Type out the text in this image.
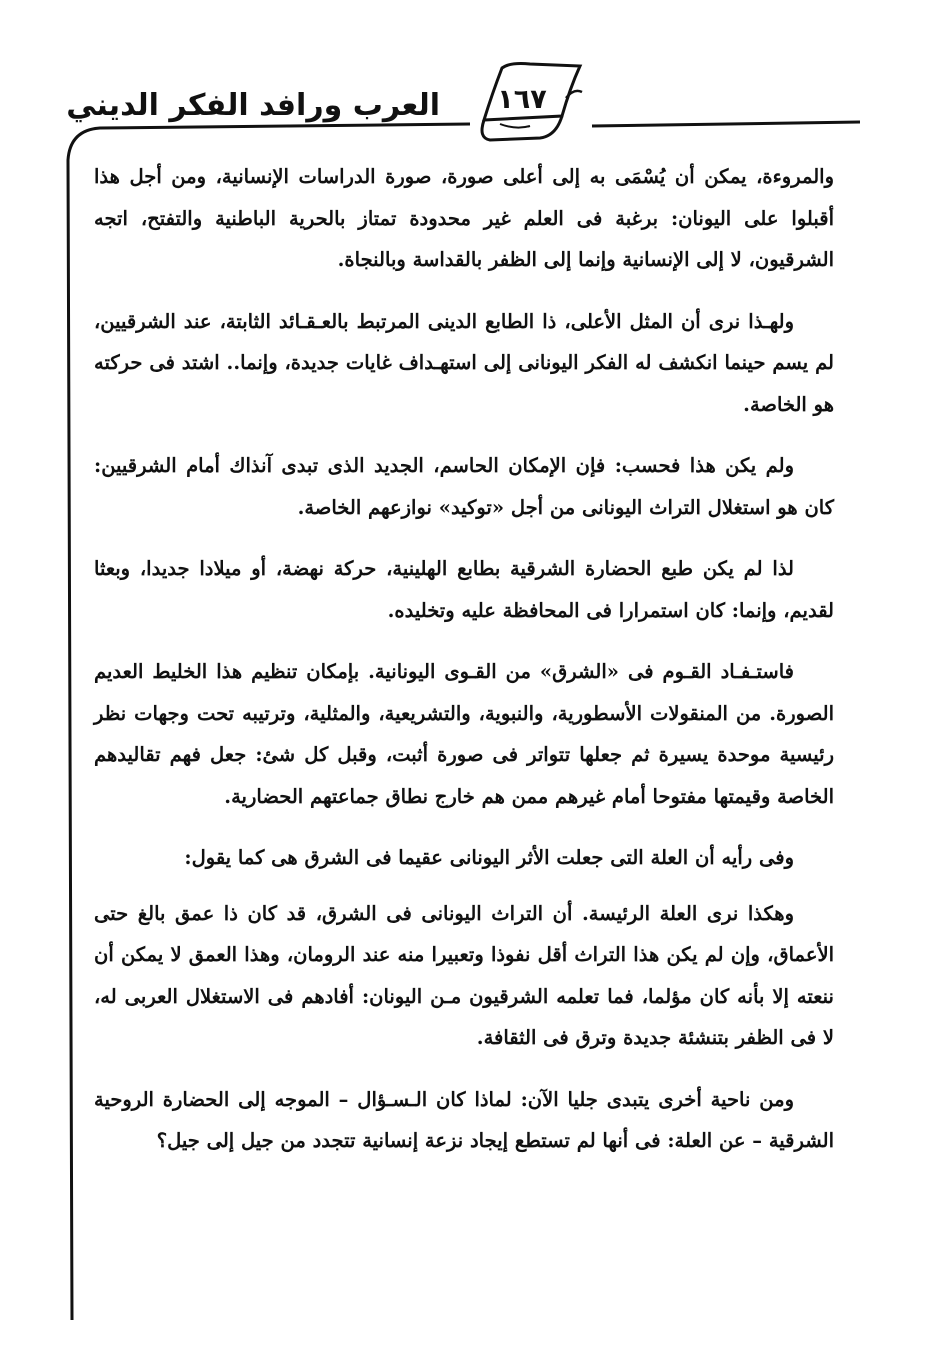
١٦٧
العرب ورافد الفكر الديني

والمروءة، يمكن أن يُسْمَى به إلى أعلى صورة، صورة الدراسات الإنسانية، ومن أجل هذا أقبلوا على اليونان: برغبة فى العلم غير محدودة تمتاز بالحرية الباطنية والتفتح، اتجه الشرقيون، لا إلى الإنسانية وإنما إلى الظفر بالقداسة وبالنجاة.

ولهـذا نرى أن المثل الأعلى، ذا الطابع الدينى المرتبط بالعـقـائد الثابتة، عند الشرقيين، لم يسم حينما انكشف له الفكر اليونانى إلى استهـداف غايات جديدة، وإنما.. اشتد فى حركته هو الخاصة.

ولم يكن هذا فحسب: فإن الإمكان الحاسم، الجديد الذى تبدى آنذاك أمام الشرقيين: كان هو استغلال التراث اليونانى من أجل «توكيد» نوازعهم الخاصة.

لذا لم يكن طبع الحضارة الشرقية بطابع الهلينية، حركة نهضة، أو ميلادا جديدا، وبعثا لقديم، وإنما: كان استمرارا فى المحافظة عليه وتخليده.

فاستـفـاد القـوم فى «الشرق» من القـوى اليونانية. بإمكان تنظيم هذا الخليط العديم الصورة. من المنقولات الأسطورية، والنبوية، والتشريعية، والمثلية، وترتيبه تحت وجهات نظر رئيسية موحدة يسيرة ثم جعلها تتواتر فى صورة أثبت، وقبل كل شئ: جعل فهم تقاليدهم الخاصة وقيمتها مفتوحا أمام غيرهم ممن هم خارج نطاق جماعتهم الحضارية.

وفى رأيه أن العلة التى جعلت الأثر اليونانى عقيما فى الشرق هى كما يقول:

وهكذا نرى العلة الرئيسة. أن التراث اليونانى فى الشرق، قد كان ذا عمق بالغ حتى الأعماق، وإن لم يكن هذا التراث أقل نفوذا وتعبيرا منه عند الرومان، وهذا العمق لا يمكن أن ننعته إلا بأنه كان مؤلما، فما تعلمه الشرقيون مـن اليونان: أفادهم فى الاستغلال العربى له، لا فى الظفر بتنشئة جديدة وترق فى الثقافة.

ومن ناحية أخرى يتبدى جليا الآن: لماذا كان الـسـؤال – الموجه إلى الحضارة الروحية الشرقية – عن العلة: فى أنها لم تستطع إيجاد نزعة إنسانية تتجدد من جيل إلى جيل؟
